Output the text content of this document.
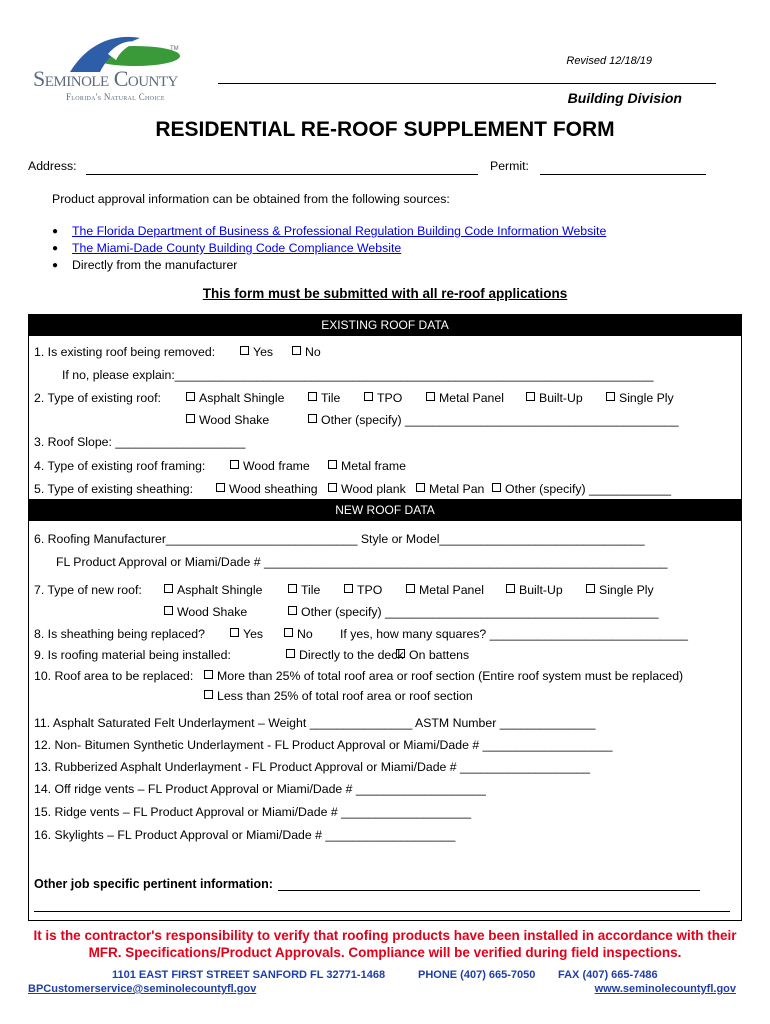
TM
Seminole County
Florida's Natural Choice
Revised 12/18/19
Building Division
RESIDENTIAL RE-ROOF SUPPLEMENT FORM
Address:	Permit:
Product approval information can be obtained from the following sources:
● The Florida Department of Business & Professional Regulation Building Code Information Website
● The Miami-Dade County Building Code Compliance Website
● Directly from the manufacturer
This form must be submitted with all re-roof applications
EXISTING ROOF DATA
1. Is existing roof being removed:	Yes	No
If no, please explain:______________________________________________________________________
2. Type of existing roof:	Asphalt Shingle	Tile	TPO	Metal Panel	Built-Up	Single Ply
Wood Shake	Other (specify) ________________________________________
3. Roof Slope: ___________________
4. Type of existing roof framing:	Wood frame	Metal frame
5. Type of existing sheathing:	Wood sheathing	Wood plank	Metal Pan	Other (specify) ____________
NEW ROOF DATA
6. Roofing Manufacturer____________________________ Style or Model______________________________
FL Product Approval or Miami/Dade # ___________________________________________________________
7. Type of new roof:	Asphalt Shingle	Tile	TPO	Metal Panel	Built-Up	Single Ply
Wood Shake	Other (specify) ________________________________________
8. Is sheathing being replaced?	Yes	No If yes, how many squares? _____________________________
9. Is roofing material being installed:	Directly to the deck On battens
10. Roof area to be replaced:	More than 25% of total roof area or roof section (Entire roof system must be replaced)
Less than 25% of total roof area or roof section
11. Asphalt Saturated Felt Underlayment – Weight _______________ ASTM Number ______________
12. Non- Bitumen Synthetic Underlayment - FL Product Approval or Miami/Dade # ___________________
13. Rubberized Asphalt Underlayment - FL Product Approval or Miami/Dade # ___________________
14. Off ridge vents – FL Product Approval or Miami/Dade # ___________________
15. Ridge vents – FL Product Approval or Miami/Dade # ___________________
16. Skylights – FL Product Approval or Miami/Dade # ___________________
Other job specific pertinent information:
It is the contractor's responsibility to verify that roofing products have been installed in accordance with their
MFR. Specifications/Product Approvals. Compliance will be verified during field inspections.
1101 EAST FIRST STREET SANFORD FL 32771-1468	PHONE (407) 665-7050 FAX (407) 665-7486
BPCustomerservice@seminolecountyfl.gov	www.seminolecountyfl.gov
